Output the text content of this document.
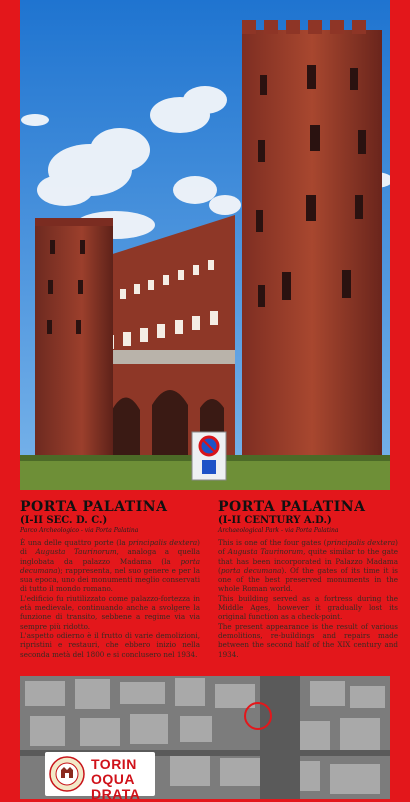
PORTA PALATINA
(I-II SEC. D. C.)
Parco Archeologico - via Porta Palatina

È una delle quattro porte (la principalis dextera) di Augusta Taurinorum, analoga a quella inglobata da palazzo Madama (la porta decumana); rappresenta, nel suo genere e per la sua epoca, uno dei monumenti meglio conservati di tutto il mondo romano.

L'edificio fu riutilizzato come palazzo-fortezza in età medievale, continuando anche a svolgere la funzione di transito, sebbene a regime via via sempre più ridotto.

L'aspetto odierno è il frutto di varie demolizioni, ripristini e restauri, che ebbero inizio nella seconda metà del 1800 e si conclusero nel 1934.

PORTA PALATINA
(I-II CENTURY A.D.)
Archaeological Park - via Porta Palatina

This is one of the four gates (principalis dextera) of Augusta Taurinorum, quite similar to the gate that has been incorporated in Palazzo Madama (porta decumana). Of the gates of its time it is one of the best preserved monuments in the whole Roman world.

This building served as a fortress during the Middle Ages, however it gradually lost its original function as a check-point.

The present appearance is the result of various demolitions, re-buildings and repairs made between the second half of the XIX century and 1934.

TORIN
OQUA
DRATA
